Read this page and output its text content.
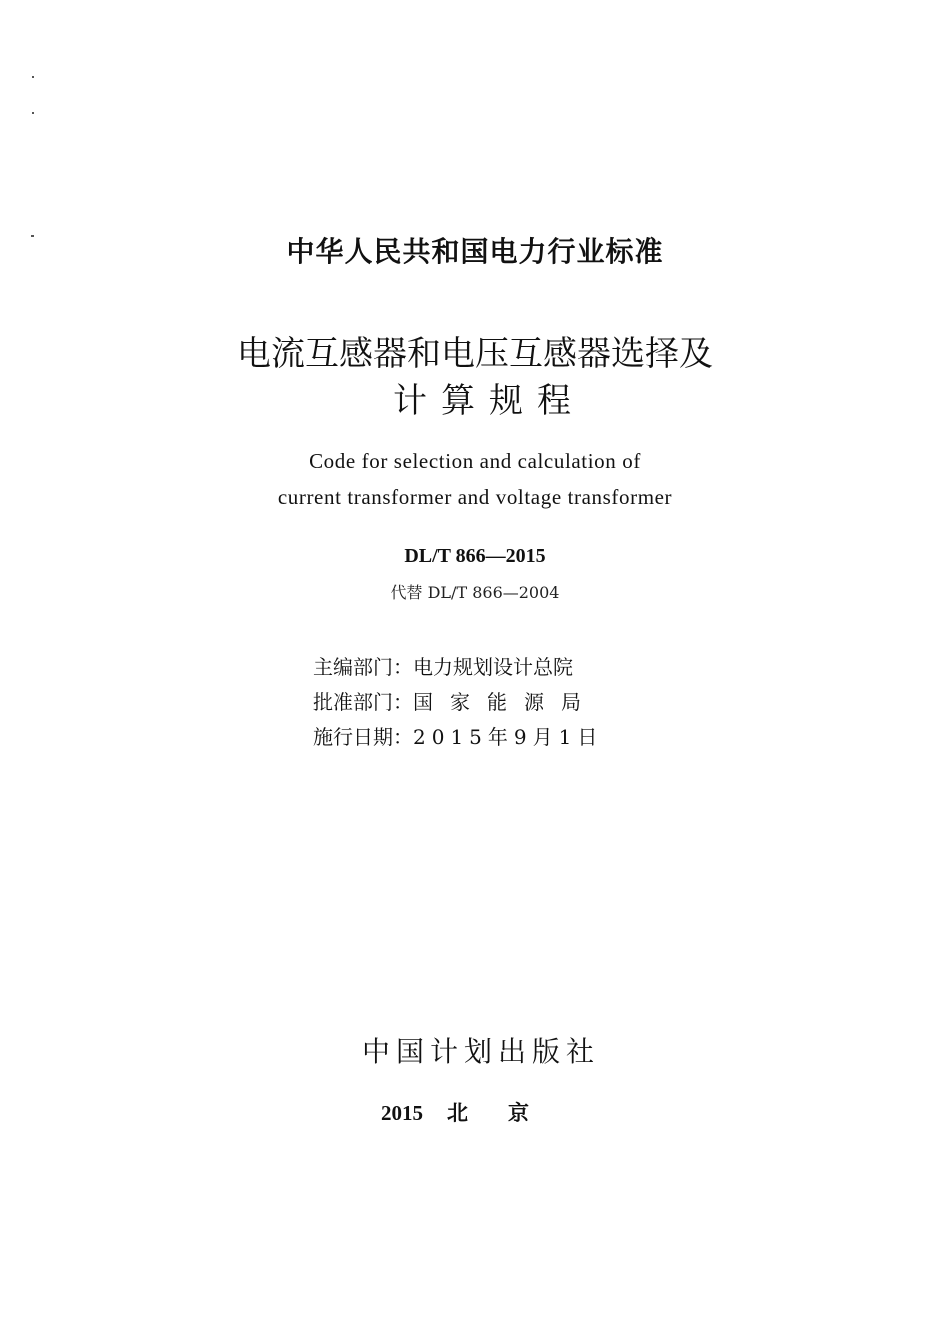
中华人民共和国电力行业标准
电流互感器和电压互感器选择及
计算规程
Code for selection and calculation of
current transformer and voltage transformer
DL/T 866—2015
代替 DL/T 866—2004
主编部门：电力规划设计总院
批准部门：国家能源局
施行日期：2015年9月1日
中国计划出版社
2015 北京
